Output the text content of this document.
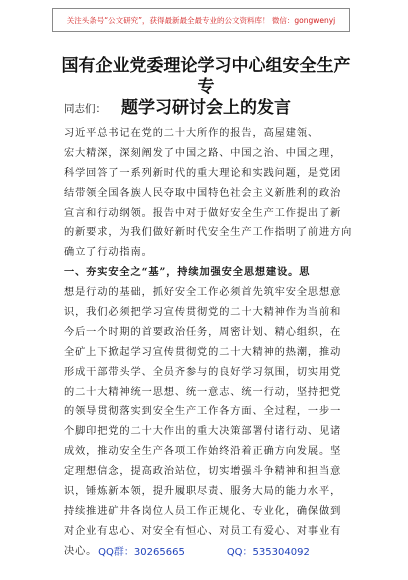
关注头条号“公文研究”，获得最新最全最专业的公文资料库！ 微信：gongwenyj
国有企业党委理论学习中心组安全生产专
题学习研讨会上的发言
同志们：
习近平总书记在党的二十大所作的报告，高屋建瓴、
宏大精深，深刻阐发了中国之路、中国之治、中国之理，
科学回答了一系列新时代的重大理论和实践问题，是党团
结带领全国各族人民夺取中国特色社会主义新胜利的政治
宣言和行动纲领。报告中对于做好安全生产工作提出了新
的新要求，为我们做好新时代安全生产工作指明了前进方向
确立了行动指南。
一、夯实安全之“基”，持续加强安全思想建设。思
想是行动的基础，抓好安全工作必须首先筑牢安全思想意
识，我们必须把学习宣传贯彻党的二十大精神作为当前和
今后一个时期的首要政治任务，周密计划、精心组织，在
全矿上下掀起学习宣传贯彻党的二十大精神的热潮，推动
形成干部带头学、全员齐参与的良好学习氛围，切实用党
的二十大精神统一思想、统一意志、统一行动，坚持把党
的领导贯彻落实到安全生产工作各方面、全过程，一步一
个脚印把党的二十大作出的重大决策部署付诸行动、见诸
成效，推动安全生产各项工作始终沿着正确方向发展。坚
定理想信念，提高政治站位，切实增强斗争精神和担当意
识，锤炼新本领，提升履职尽责、服务大局的能力水平，
持续推进矿井各岗位人员工作正规化、专业化，确保做到
对企业有忠心、对安全有恒心、对员工有爱心、对事业有
决心。 QQ群：30265665	QQ：535304092
